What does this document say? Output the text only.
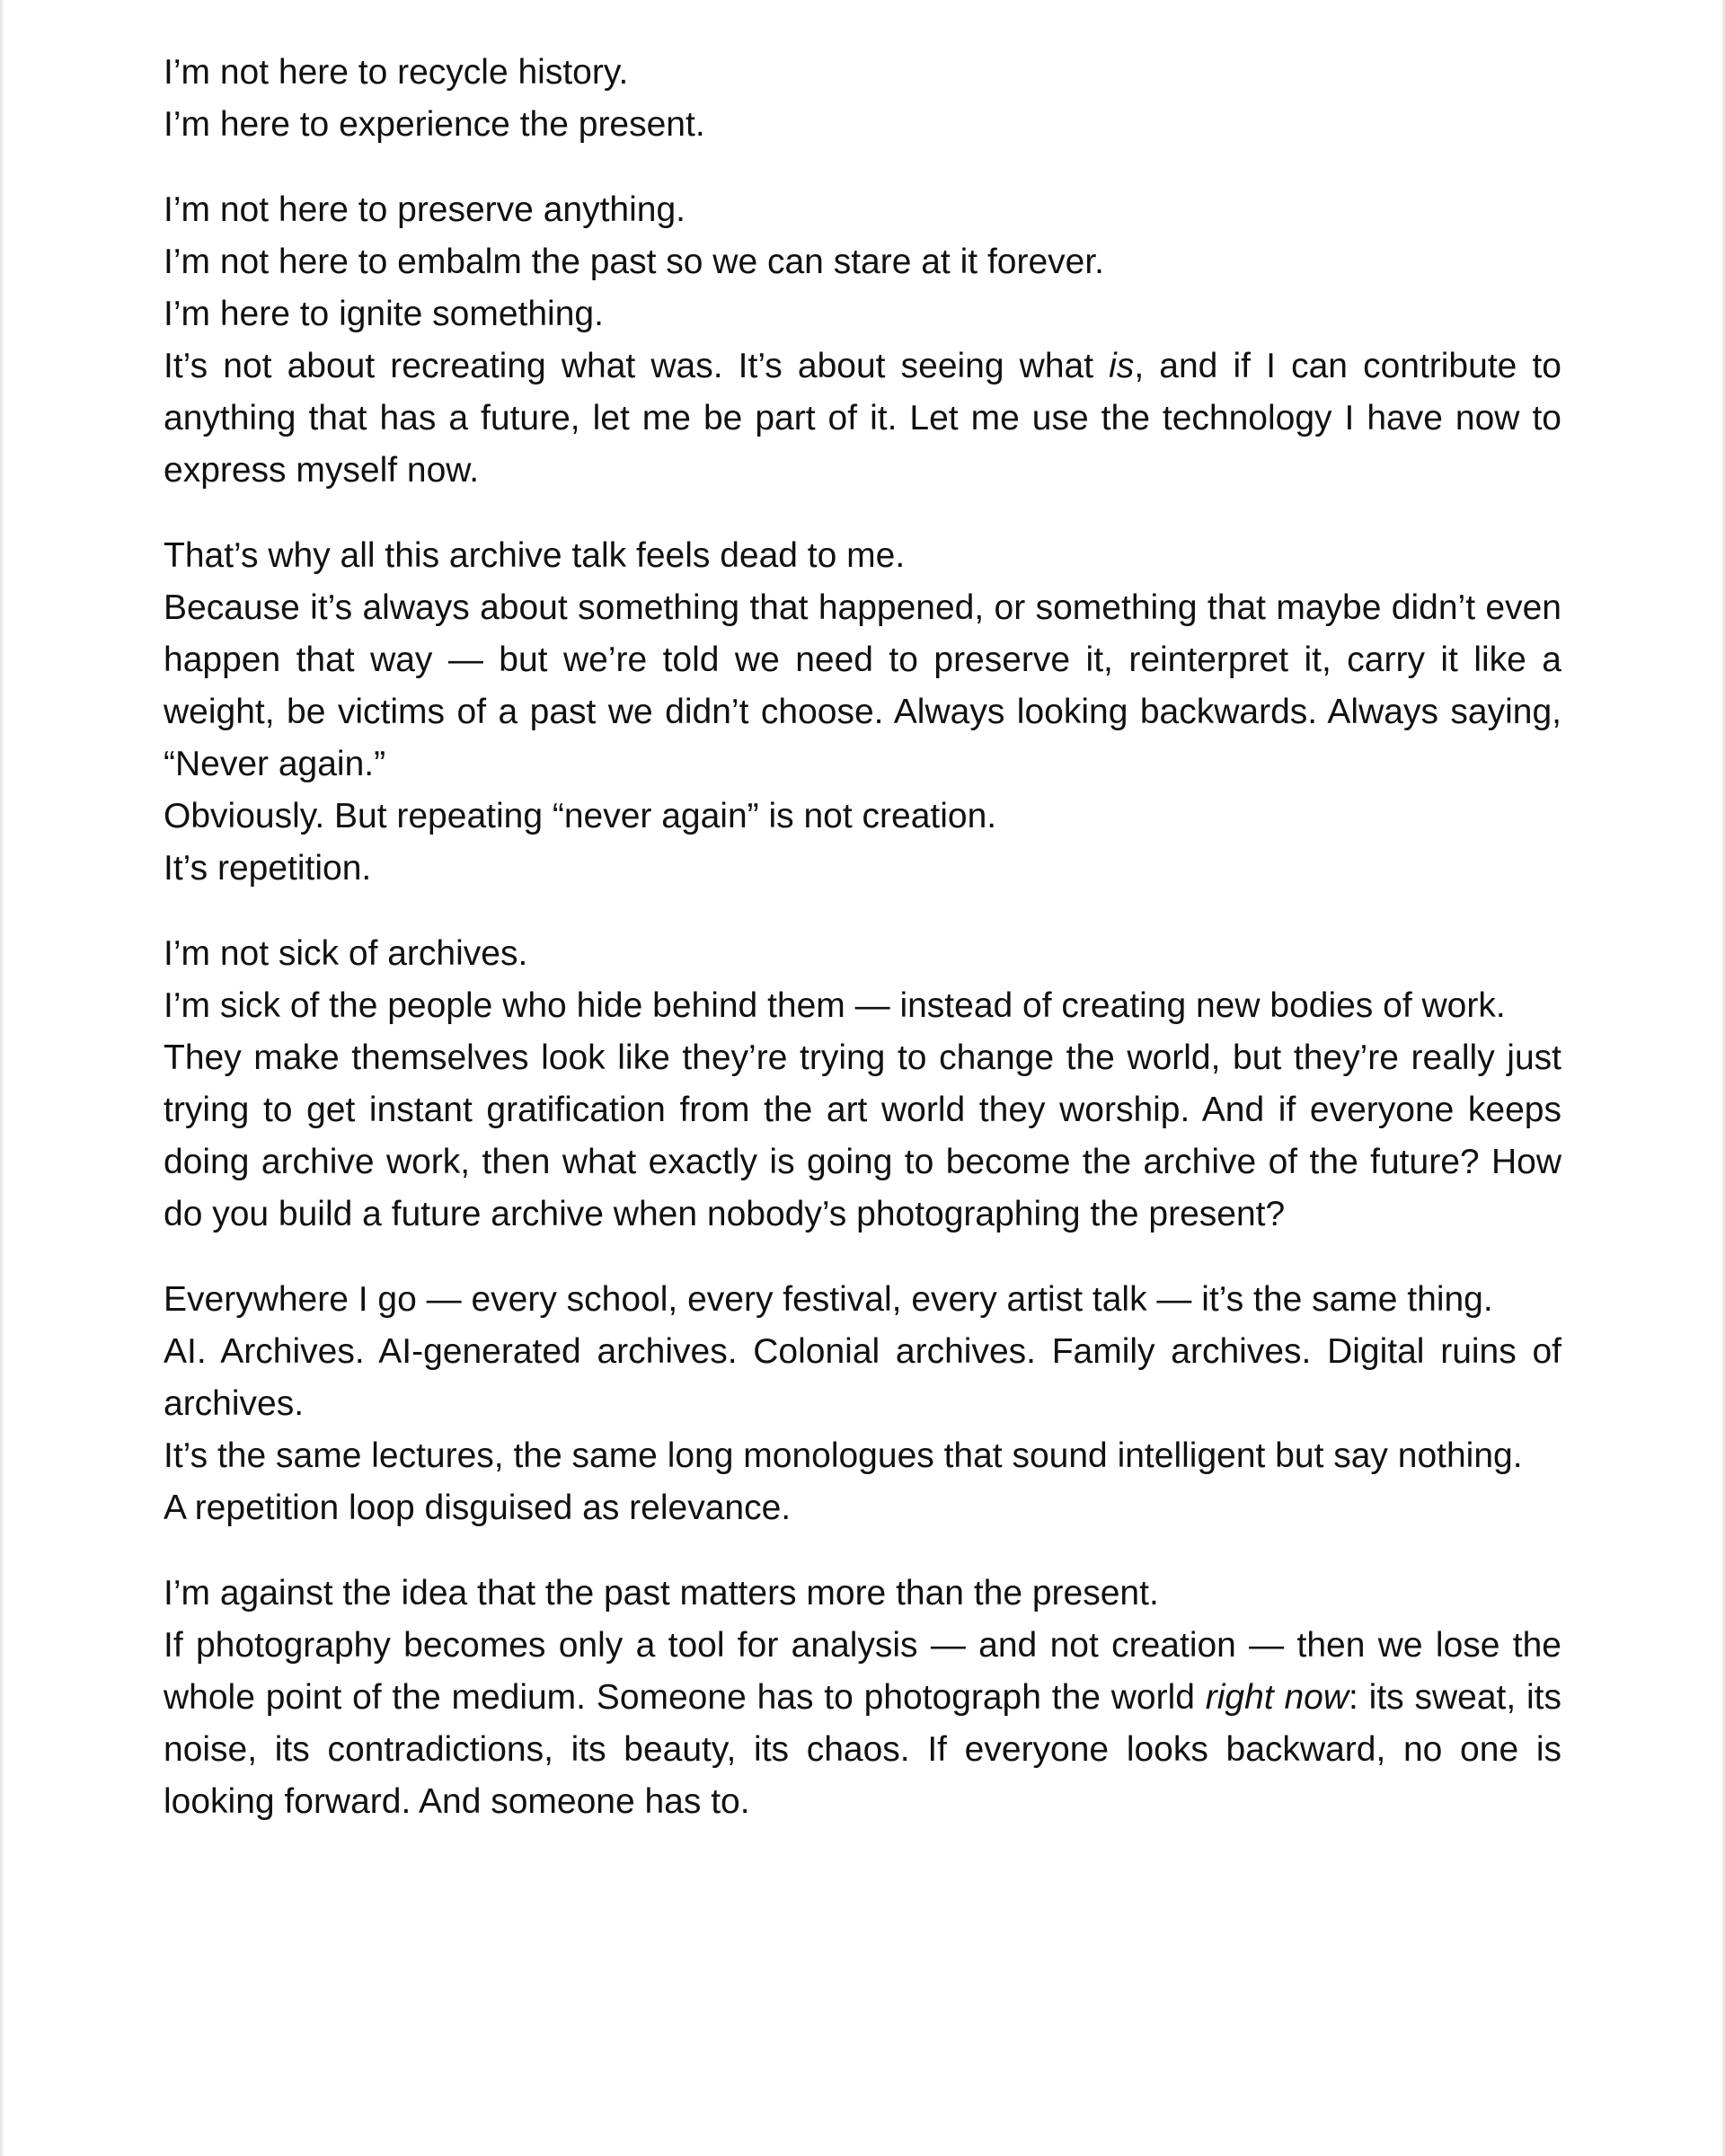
I’m not here to recycle history.

I’m here to experience the present.

I’m not here to preserve anything.

I’m not here to embalm the past so we can stare at it forever.

I’m here to ignite something.

It’s not about recreating what was. It’s about seeing what is, and if I can contribute to anything that has a future, let me be part of it. Let me use the technology I have now to express myself now.

That’s why all this archive talk feels dead to me.

Because it’s always about something that happened, or something that maybe didn’t even happen that way — but we’re told we need to preserve it, reinterpret it, carry it like a weight, be victims of a past we didn’t choose. Always looking backwards. Always saying, “Never again.”

Obviously. But repeating “never again” is not creation.

It’s repetition.

I’m not sick of archives.

I’m sick of the people who hide behind them — instead of creating new bodies of work.

They make themselves look like they’re trying to change the world, but they’re really just trying to get instant gratification from the art world they worship. And if everyone keeps doing archive work, then what exactly is going to become the archive of the future? How do you build a future archive when nobody’s photographing the present?

Everywhere I go — every school, every festival, every artist talk — it’s the same thing.

AI. Archives. AI-generated archives. Colonial archives. Family archives. Digital ruins of archives.

It’s the same lectures, the same long monologues that sound intelligent but say nothing.

A repetition loop disguised as relevance.

I’m against the idea that the past matters more than the present.

If photography becomes only a tool for analysis — and not creation — then we lose the whole point of the medium. Someone has to photograph the world right now: its sweat, its noise, its contradictions, its beauty, its chaos. If everyone looks backward, no one is looking forward. And someone has to.
